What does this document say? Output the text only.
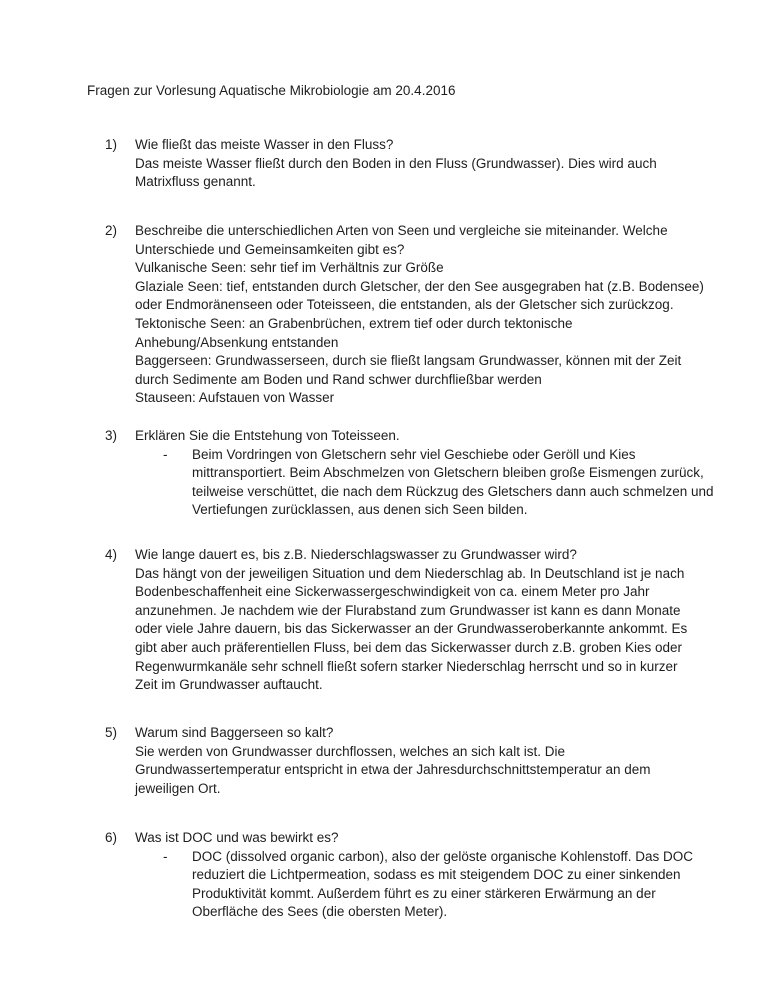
Fragen zur Vorlesung Aquatische Mikrobiologie am 20.4.2016
1) Wie fließt das meiste Wasser in den Fluss?
Das meiste Wasser fließt durch den Boden in den Fluss (Grundwasser). Dies wird auch
Matrixfluss genannt.
2) Beschreibe die unterschiedlichen Arten von Seen und vergleiche sie miteinander. Welche
Unterschiede und Gemeinsamkeiten gibt es?
Vulkanische Seen: sehr tief im Verhältnis zur Größe
Glaziale Seen: tief, entstanden durch Gletscher, der den See ausgegraben hat (z.B. Bodensee)
oder Endmoränenseen oder Toteisseen, die entstanden, als der Gletscher sich zurückzog.
Tektonische Seen: an Grabenbrüchen, extrem tief oder durch tektonische
Anhebung/Absenkung entstanden
Baggerseen: Grundwasserseen, durch sie fließt langsam Grundwasser, können mit der Zeit
durch Sedimente am Boden und Rand schwer durchfließbar werden
Stauseen: Aufstauen von Wasser
3) Erklären Sie die Entstehung von Toteisseen.
- Beim Vordringen von Gletschern sehr viel Geschiebe oder Geröll und Kies
mittransportiert. Beim Abschmelzen von Gletschern bleiben große Eismengen zurück,
teilweise verschüttet, die nach dem Rückzug des Gletschers dann auch schmelzen und
Vertiefungen zurücklassen, aus denen sich Seen bilden.
4) Wie lange dauert es, bis z.B. Niederschlagswasser zu Grundwasser wird?
Das hängt von der jeweiligen Situation und dem Niederschlag ab. In Deutschland ist je nach
Bodenbeschaffenheit eine Sickerwassergeschwindigkeit von ca. einem Meter pro Jahr
anzunehmen. Je nachdem wie der Flurabstand zum Grundwasser ist kann es dann Monate
oder viele Jahre dauern, bis das Sickerwasser an der Grundwasseroberkannte ankommt. Es
gibt aber auch präferentiellen Fluss, bei dem das Sickerwasser durch z.B. groben Kies oder
Regenwurmkanäle sehr schnell fließt sofern starker Niederschlag herrscht und so in kurzer
Zeit im Grundwasser auftaucht.
5) Warum sind Baggerseen so kalt?
Sie werden von Grundwasser durchflossen, welches an sich kalt ist. Die
Grundwassertemperatur entspricht in etwa der Jahresdurchschnittstemperatur an dem
jeweiligen Ort.
6) Was ist DOC und was bewirkt es?
- DOC (dissolved organic carbon), also der gelöste organische Kohlenstoff. Das DOC
reduziert die Lichtpermeation, sodass es mit steigendem DOC zu einer sinkenden
Produktivität kommt. Außerdem führt es zu einer stärkeren Erwärmung an der
Oberfläche des Sees (die obersten Meter).
